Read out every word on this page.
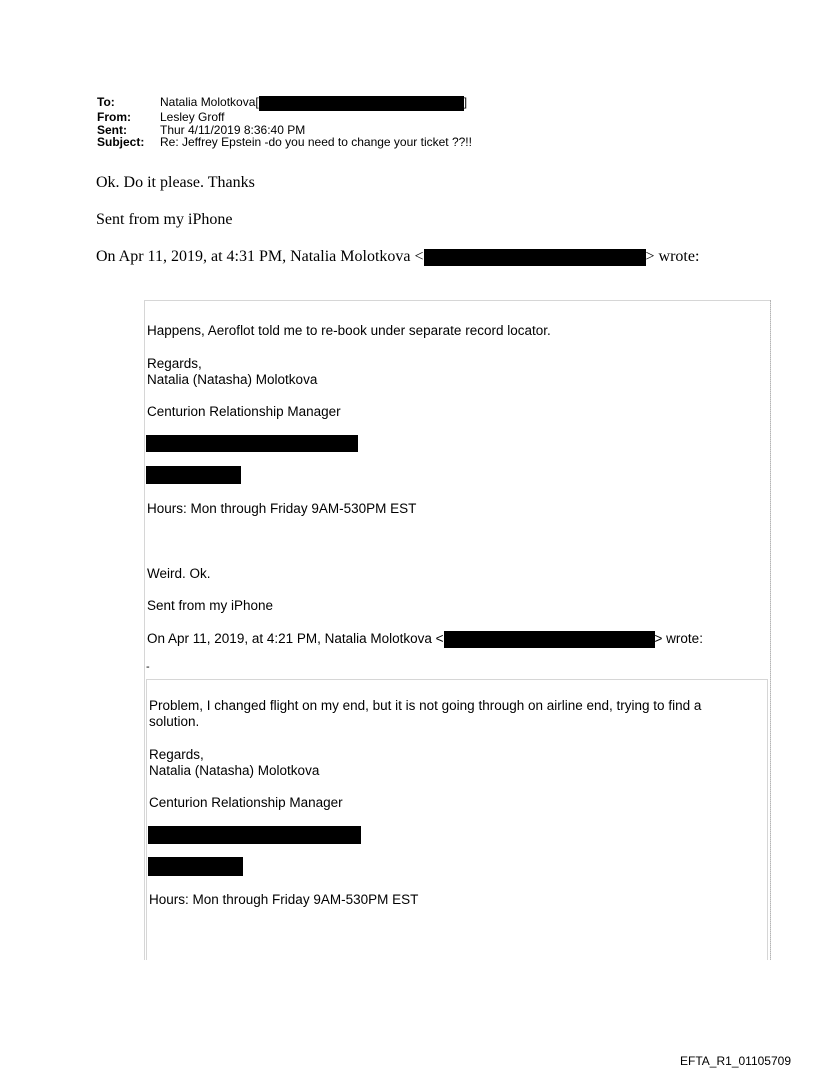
To:	Natalia Molotkova[	]
From:	Lesley Groff
Sent:	Thur 4/11/2019 8:36:40 PM
Subject:	Re: Jeffrey Epstein -do you need to change your ticket ??!!
Ok. Do it please. Thanks
Sent from my iPhone
On Apr 11, 2019, at 4:31 PM, Natalia Molotkova <	> wrote:
Happens, Aeroflot told me to re-book under separate record locator.
Regards,
Natalia (Natasha) Molotkova
Centurion Relationship Manager
Hours: Mon through Friday 9AM-530PM EST
Weird. Ok.
Sent from my iPhone
On Apr 11, 2019, at 4:21 PM, Natalia Molotkova <	> wrote:
-
Problem, I changed flight on my end, but it is not going through on airline end, trying to find a
solution.
Regards,
Natalia (Natasha) Molotkova
Centurion Relationship Manager
Hours: Mon through Friday 9AM-530PM EST
EFTA_R1_01105709
